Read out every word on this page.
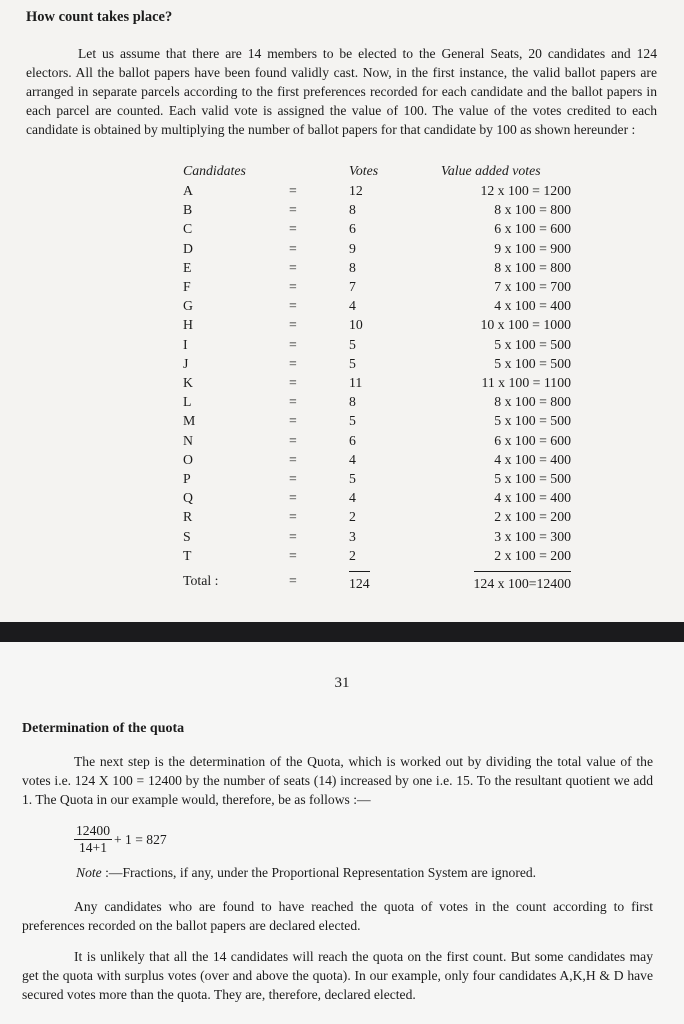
How count takes place?
Let us assume that there are 14 members to be elected to the General Seats, 20 candidates and 124 electors. All the ballot papers have been found validly cast. Now, in the first instance, the valid ballot papers are arranged in separate parcels according to the first preferences recorded for each candidate and the ballot papers in each parcel are counted. Each valid vote is assigned the value of 100. The value of the votes credited to each candidate is obtained by multiplying the number of ballot papers for that candidate by 100 as shown hereunder :
Candidates		Votes	Value added votes
A	=	12	12 x 100 = 1200
B	=	8	8 x 100 = 800
C	=	6	6 x 100 = 600
D	=	9	9 x 100 = 900
E	=	8	8 x 100 = 800
F	=	7	7 x 100 = 700
G	=	4	4 x 100 = 400
H	=	10	10 x 100 = 1000
I	=	5	5 x 100 = 500
J	=	5	5 x 100 = 500
K	=	11	11 x 100 = 1100
L	=	8	8 x 100 = 800
M	=	5	5 x 100 = 500
N	=	6	6 x 100 = 600
O	=	4	4 x 100 = 400
P	=	5	5 x 100 = 500
Q	=	4	4 x 100 = 400
R	=	2	2 x 100 = 200
S	=	3	3 x 100 = 300
T	=	2	2 x 100 = 200
Total :	=	124	124 x 100=12400
31
Determination of the quota
The next step is the determination of the Quota, which is worked out by dividing the total value of the votes i.e. 124 X 100 = 12400 by the number of seats (14) increased by one i.e. 15. To the resultant quotient we add 1. The Quota in our example would, therefore, be as follows :—
$\frac{12400}{14+1} + 1 = 827$
Note :—Fractions, if any, under the Proportional Representation System are ignored.
Any candidates who are found to have reached the quota of votes in the count according to first preferences recorded on the ballot papers are declared elected.
It is unlikely that all the 14 candidates will reach the quota on the first count. But some candidates may get the quota with surplus votes (over and above the quota). In our example, only four candidates A,K,H & D have secured votes more than the quota. They are, therefore, declared elected.
